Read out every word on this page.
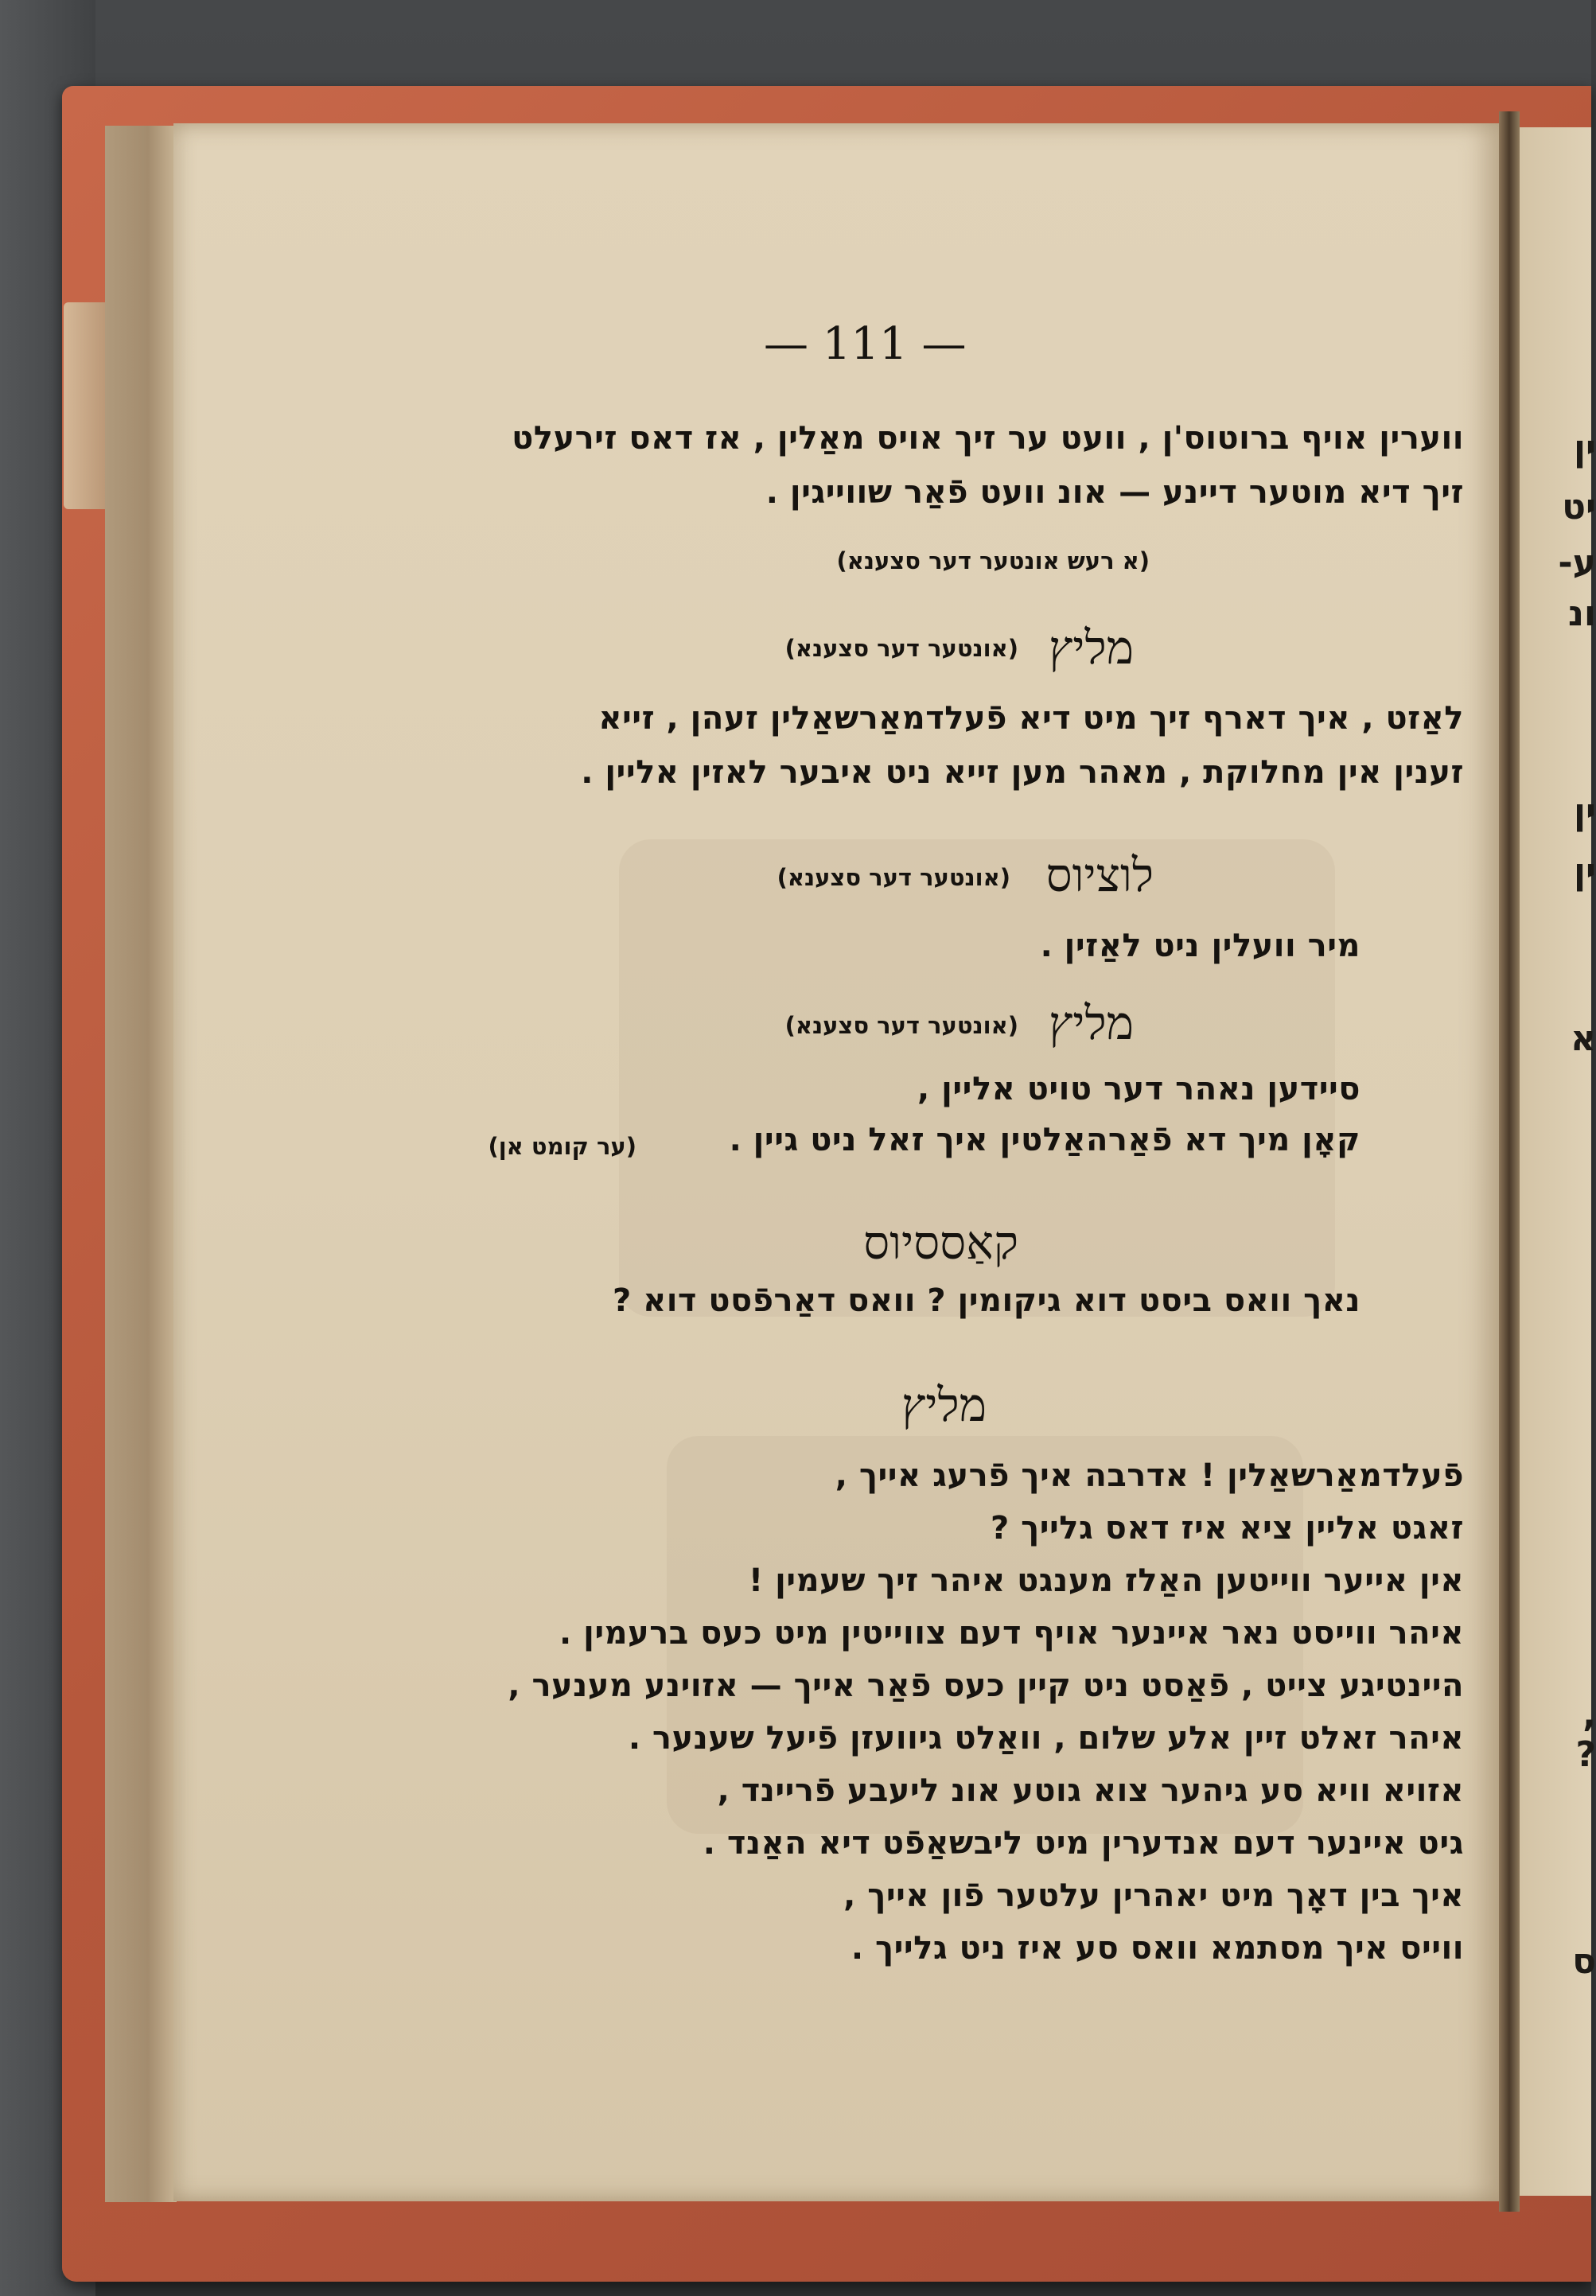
ין
יט
ע-
ונ
ין
ין
א
,
?
ס
— 111 —
ווערין אויף ברוטוס'ן , וועט ער זיך אויס מאַלין , אז דאס זירעלט
זיך דיא מוטער דיינע — אונ וועט פֿאַר שווייגין .
(א רעש אונטער דער סצענא)
מליץ
(אונטער דער סצענא)
לאַזט , איך דארף זיך מיט דיא פֿעלדמאַרשאַלין זעהן , זייא
זענין אין מחלוקת , מאהר מען זייא ניט איבער לאזין אליין .
לוציוס
(אונטער דער סצענא)
מיר וועלין ניט לאַזין .
מליץ
(אונטער דער סצענא)
סיידען נאהר דער טויט אליין ,
קאָן מיך דא פֿאַרהאַלטין איך זאל ניט גיין .
(ער קומט אן)
קאַססיוס
נאך וואס ביסט דוא גיקומין ? וואס דאַרפֿסט דוא ?
מליץ
פֿעלדמאַרשאַלין ! אדרבה איך פֿרעג אייך ,
זאגט אליין ציא איז דאס גלייך ?
אין אייער ווייטען האַלז מענגט איהר זיך שעמין !
איהר ווייסט נאר איינער אויף דעם צווייטין מיט כעס ברעמין .
היינטיגע צייט , פֿאַסט ניט קיין כעס פֿאַר אייך — אזוינע מענער ,
איהר זאלט זיין אלע שלום , וואַלט גיוועזן פֿיעל שענער .
אזויא וויא סע גיהער צוא גוטע אונ ליעבע פֿריינד ,
גיט איינער דעם אנדערין מיט ליבשאַפֿט דיא האַנד .
איך בין דאָך מיט יאהרין עלטער פֿון אייך ,
ווייס איך מסתמא וואס סע איז ניט גלייך .
